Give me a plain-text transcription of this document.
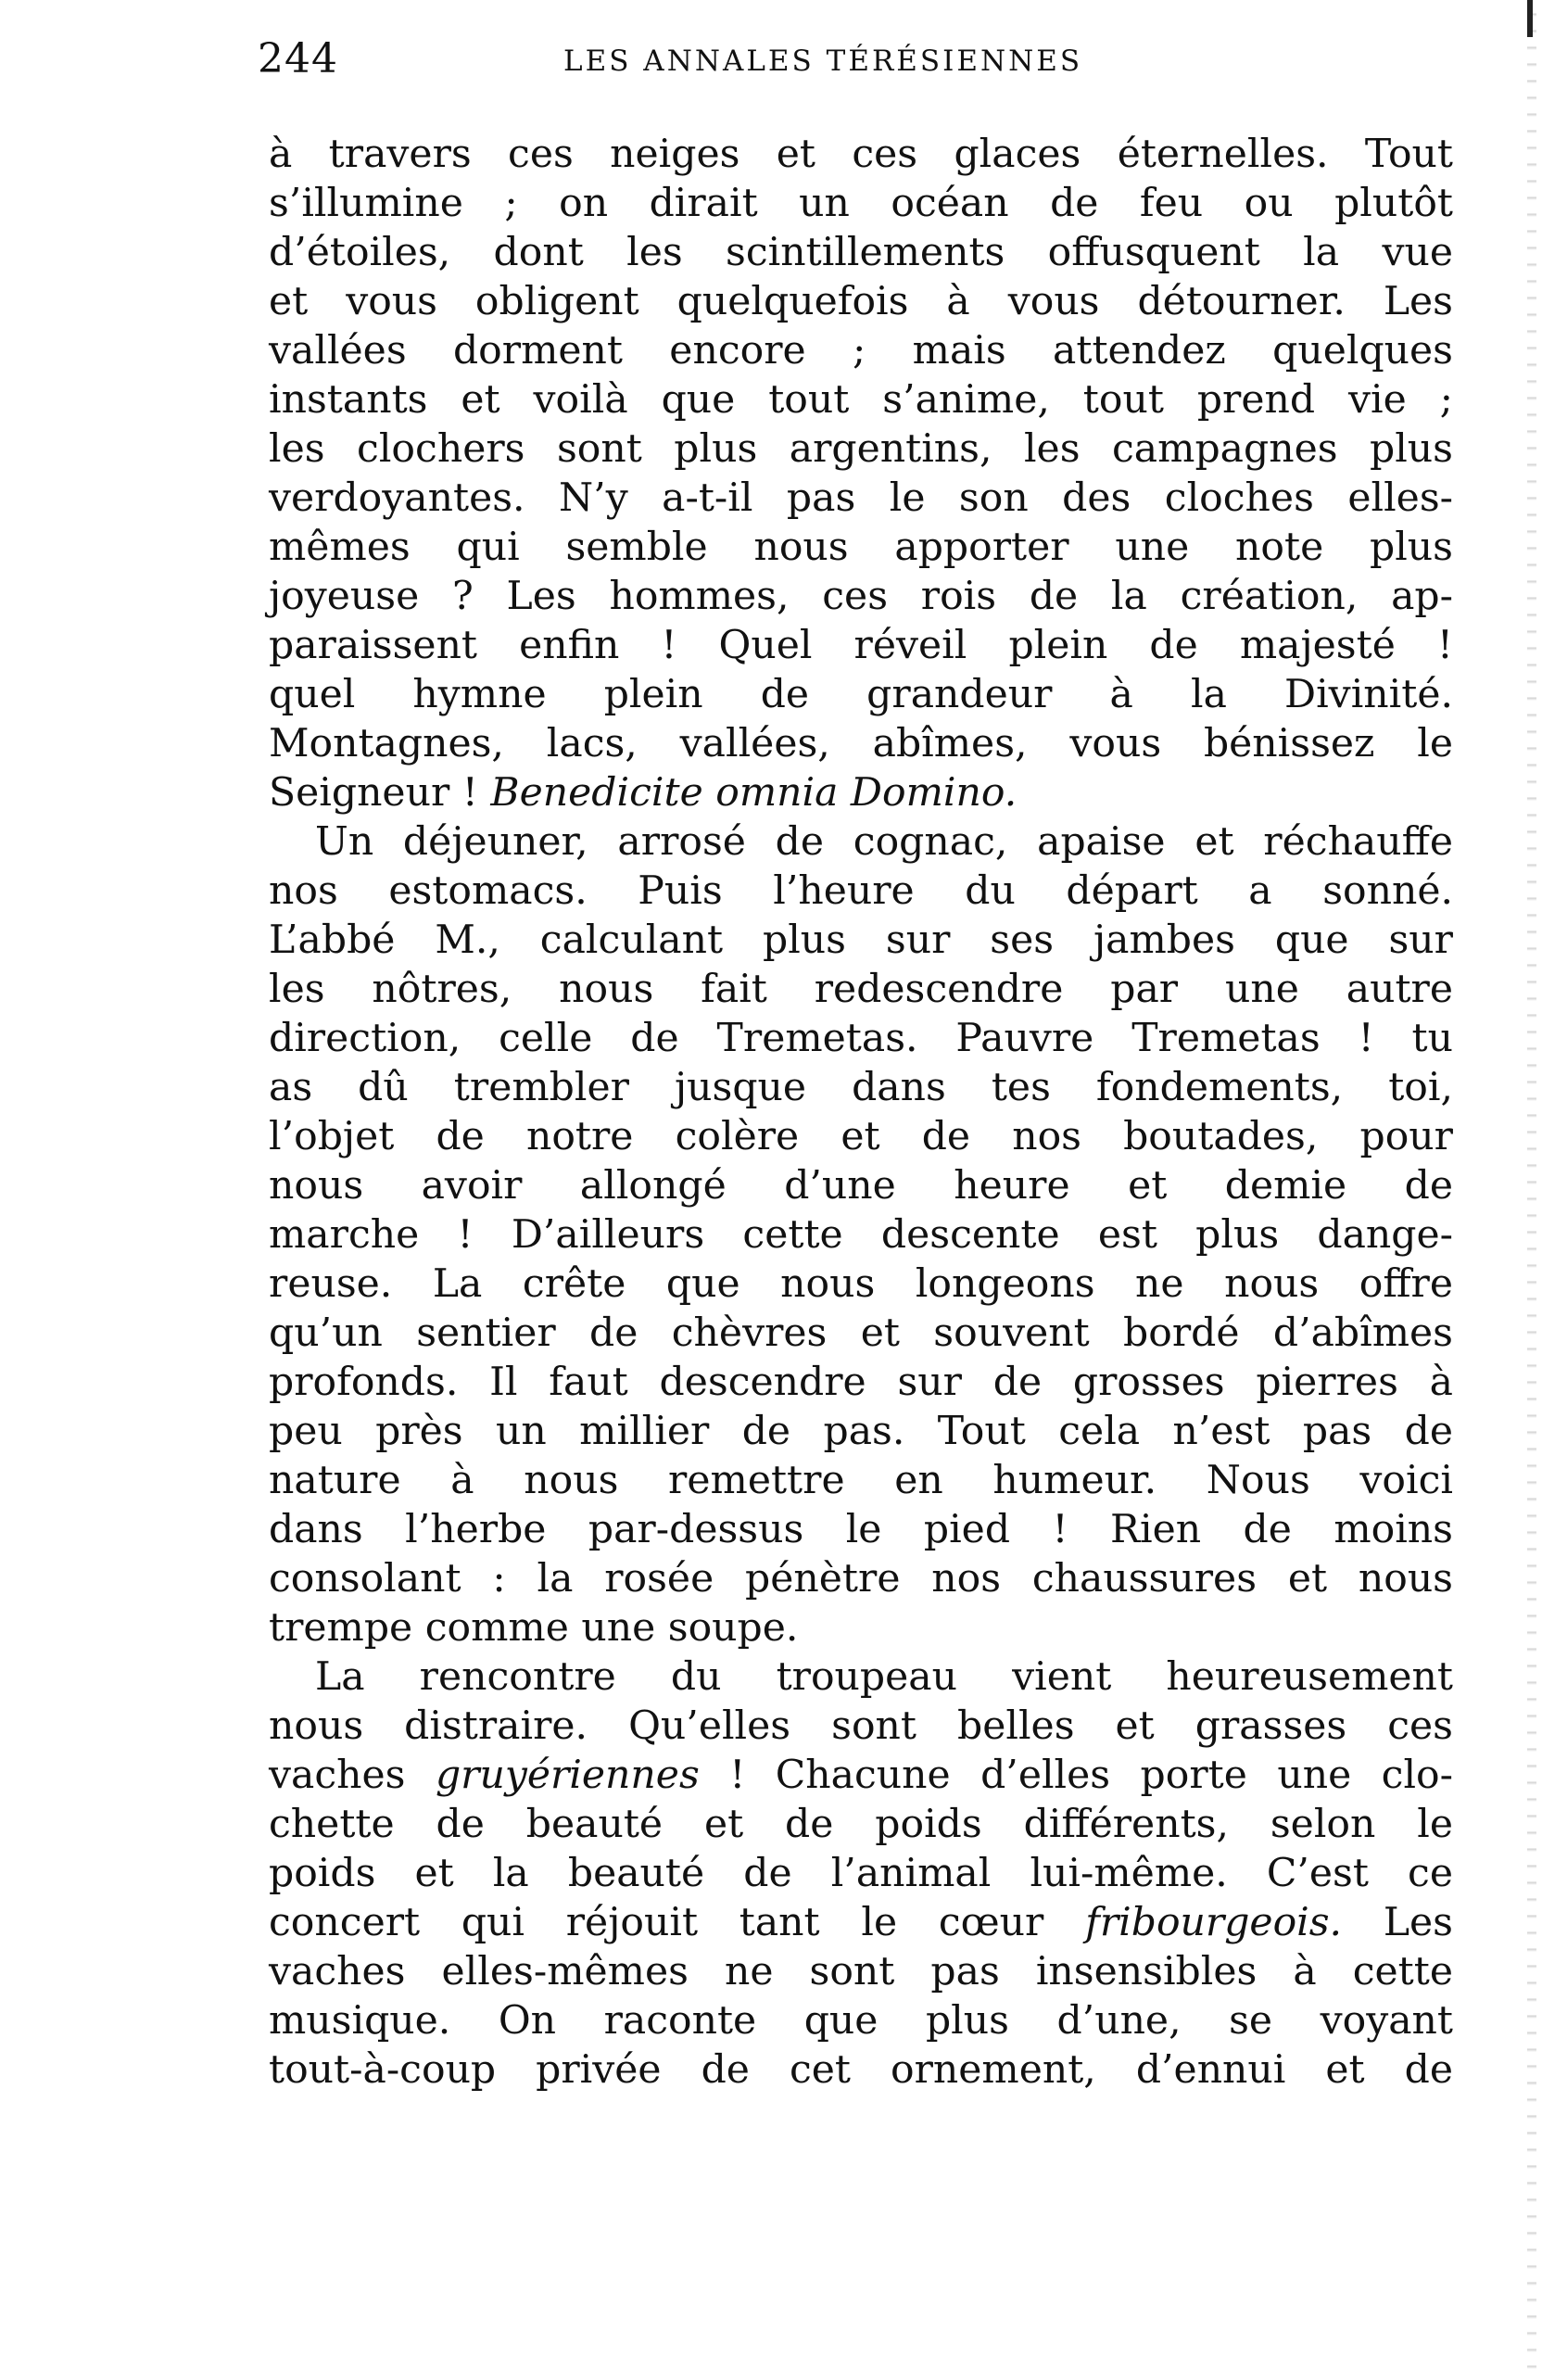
244	LES ANNALES TÉRÉSIENNES
à travers ces neiges et ces glaces éternelles. Tout
s’illumine ; on dirait un océan de feu ou plutôt
d’étoiles, dont les scintillements offusquent la vue
et vous obligent quelquefois à vous détourner. Les
vallées dorment encore ; mais attendez quelques
instants et voilà que tout s’anime, tout prend vie ;
les clochers sont plus argentins, les campagnes plus
verdoyantes. N’y a-t-il pas le son des cloches elles-
mêmes qui semble nous apporter une note plus
joyeuse ? Les hommes, ces rois de la création, ap-
paraissent enfin ! Quel réveil plein de majesté !
quel hymne plein de grandeur à la Divinité.
Montagnes, lacs, vallées, abîmes, vous bénissez le
Seigneur ! Benedicite omnia Domino.
Un déjeuner, arrosé de cognac, apaise et réchauffe
nos estomacs. Puis l’heure du départ a sonné.
L’abbé M., calculant plus sur ses jambes que sur
les nôtres, nous fait redescendre par une autre
direction, celle de Tremetas. Pauvre Tremetas ! tu
as dû trembler jusque dans tes fondements, toi,
l’objet de notre colère et de nos boutades, pour
nous avoir allongé d’une heure et demie de
marche ! D’ailleurs cette descente est plus dange-
reuse. La crête que nous longeons ne nous offre
qu’un sentier de chèvres et souvent bordé d’abîmes
profonds. Il faut descendre sur de grosses pierres à
peu près un millier de pas. Tout cela n’est pas de
nature à nous remettre en humeur. Nous voici
dans l’herbe par-dessus le pied ! Rien de moins
consolant : la rosée pénètre nos chaussures et nous
trempe comme une soupe.
La rencontre du troupeau vient heureusement
nous distraire. Qu’elles sont belles et grasses ces
vaches gruyériennes ! Chacune d’elles porte une clo-
chette de beauté et de poids différents, selon le
poids et la beauté de l’animal lui-même. C’est ce
concert qui réjouit tant le cœur fribourgeois. Les
vaches elles-mêmes ne sont pas insensibles à cette
musique. On raconte que plus d’une, se voyant
tout-à-coup privée de cet ornement, d’ennui et de
